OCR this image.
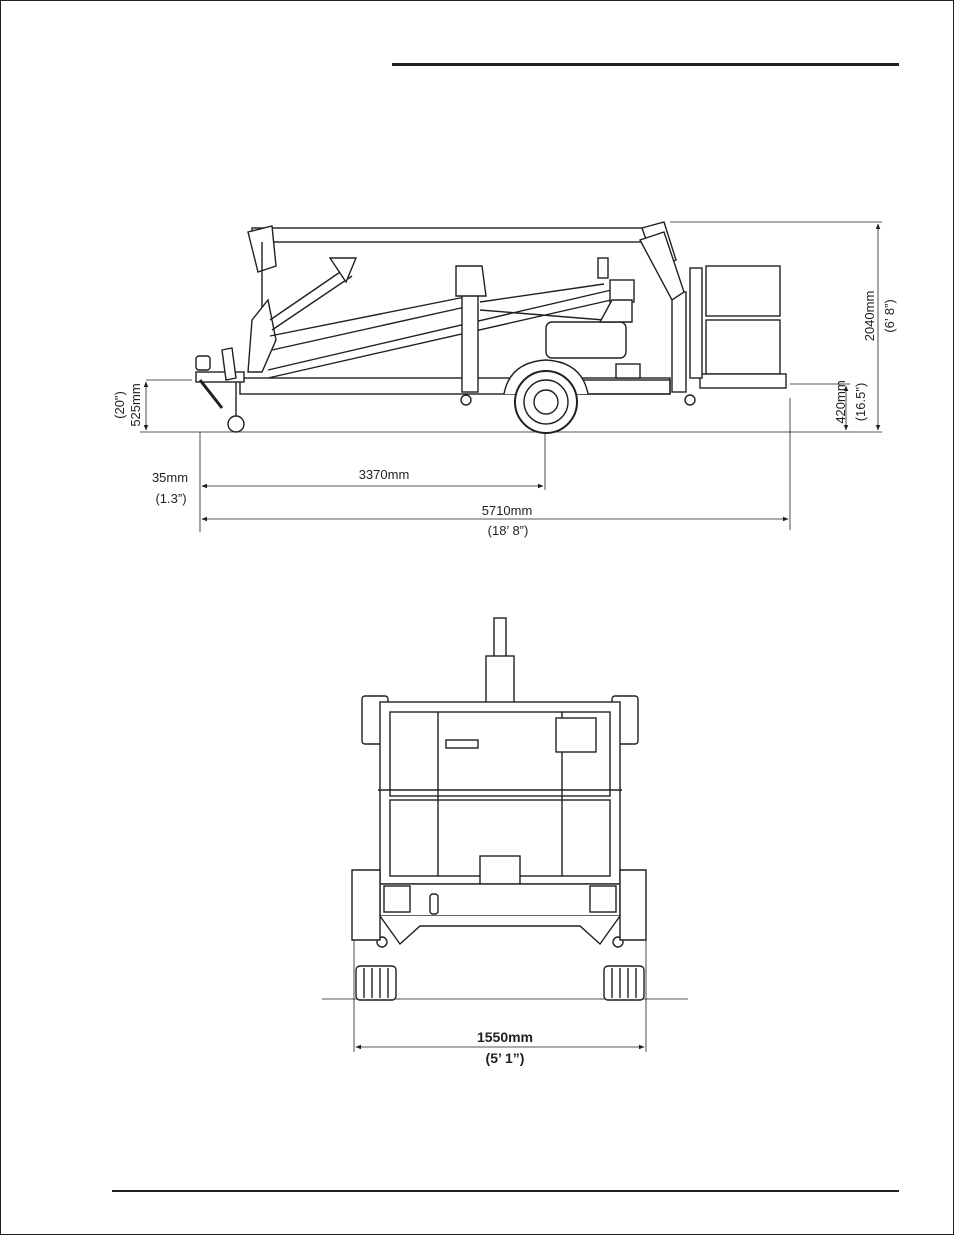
(20") 525mm
2040mm (6’ 8”)
420mm (16.5")
35mm
(1.3”)
3370mm
5710mm
(18’ 8”)
1550mm
(5’ 1”)
